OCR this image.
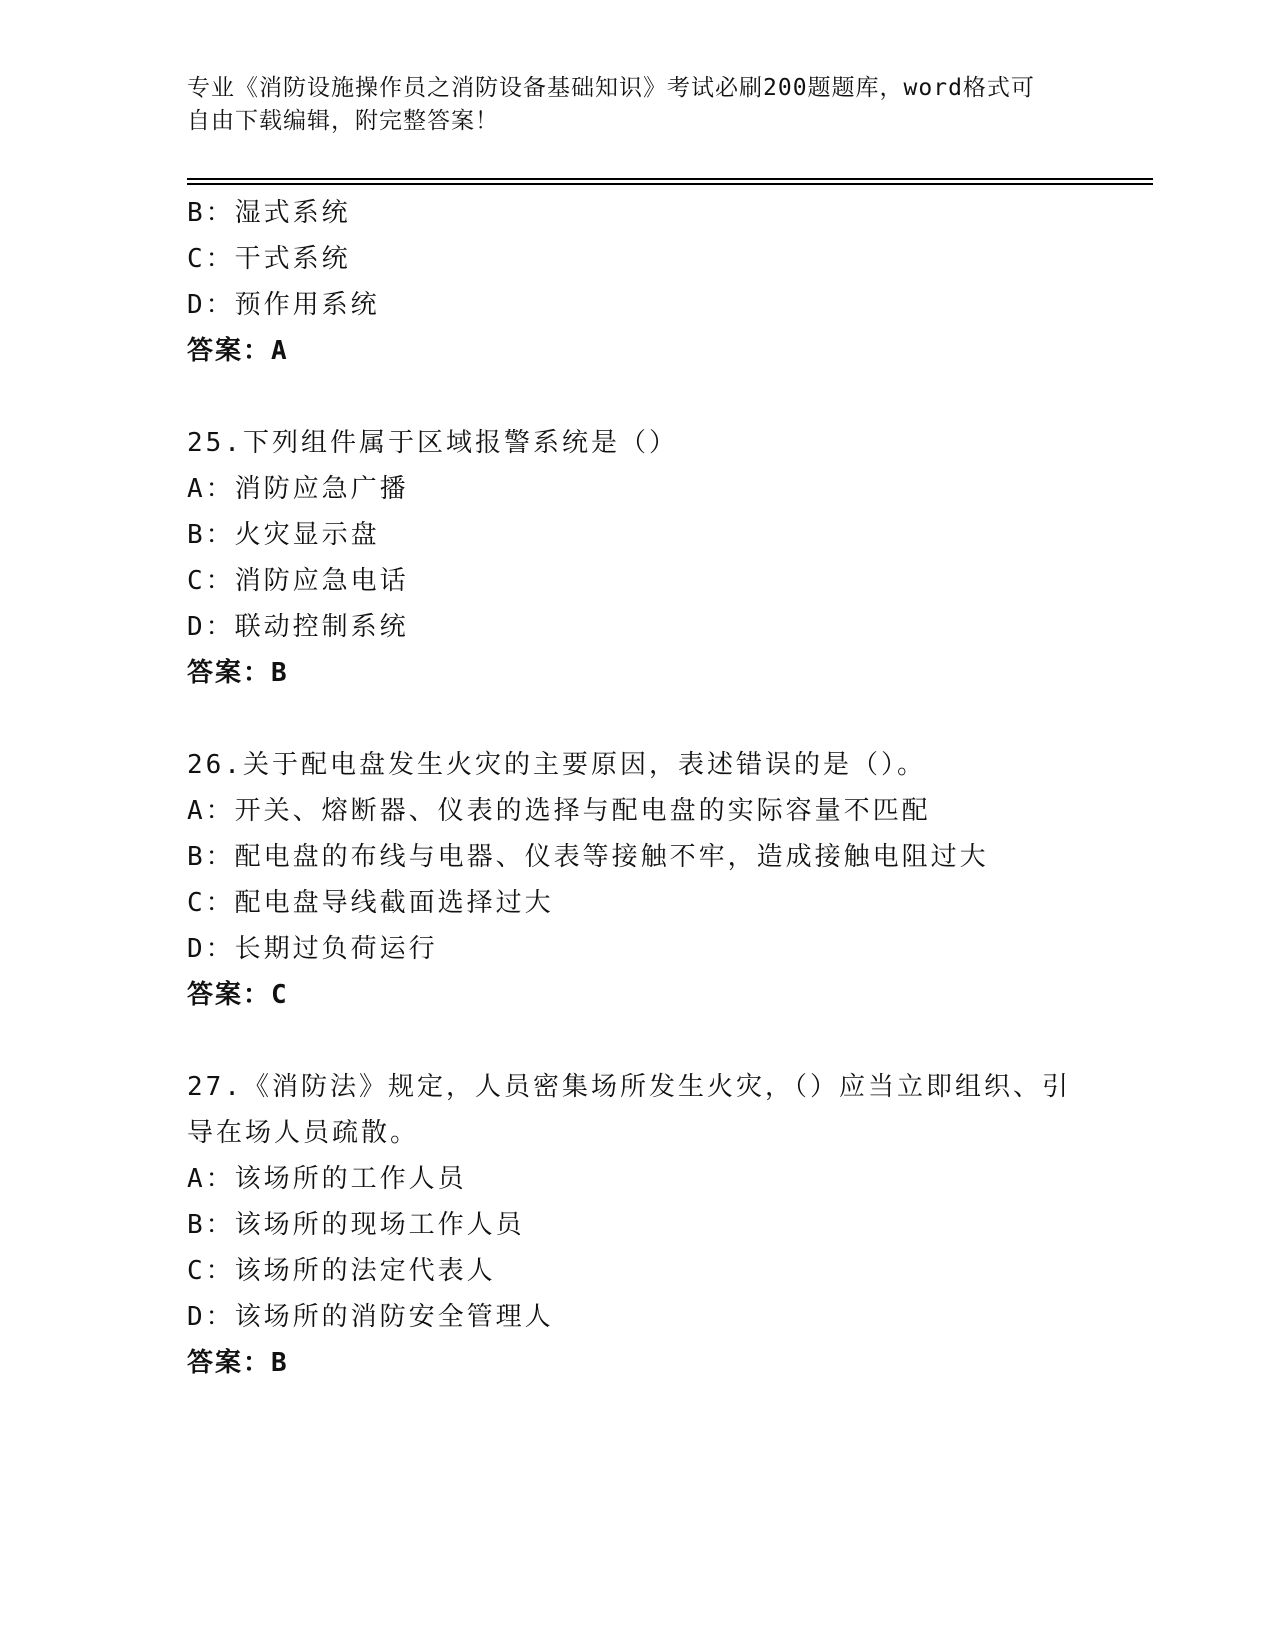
专业《消防设施操作员之消防设备基础知识》考试必刷200题题库，word格式可
自由下载编辑，附完整答案！
B：湿式系统
C：干式系统
D：预作用系统
答案：A
25.下列组件属于区域报警系统是（）
A：消防应急广播
B：火灾显示盘
C：消防应急电话
D：联动控制系统
答案：B
26.关于配电盘发生火灾的主要原因，表述错误的是（）。
A：开关、熔断器、仪表的选择与配电盘的实际容量不匹配
B：配电盘的布线与电器、仪表等接触不牢，造成接触电阻过大
C：配电盘导线截面选择过大
D：长期过负荷运行
答案：C
27.《消防法》规定，人员密集场所发生火灾，（）应当立即组织、引
导在场人员疏散。
A：该场所的工作人员
B：该场所的现场工作人员
C：该场所的法定代表人
D：该场所的消防安全管理人
答案：B
